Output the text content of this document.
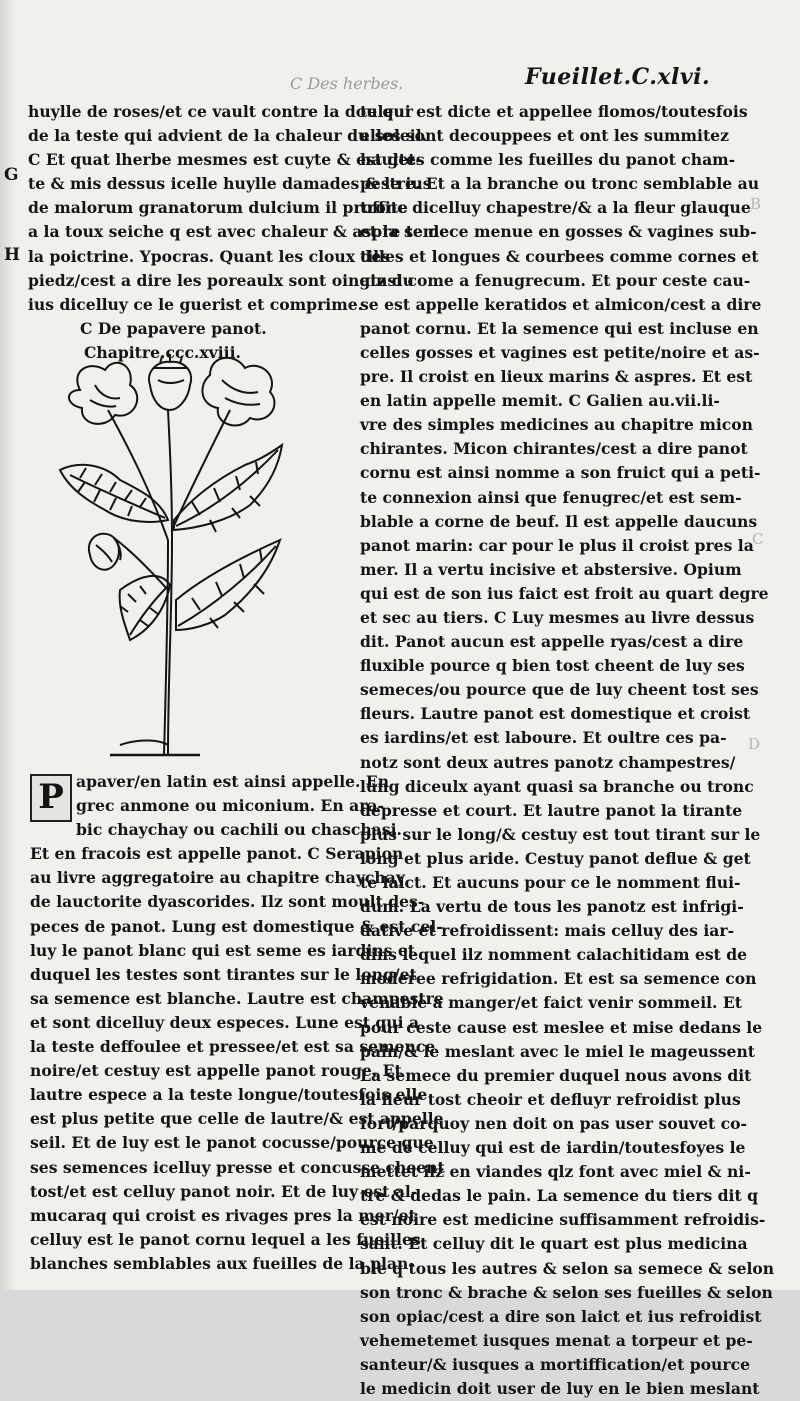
C Des herbes.	Fueillet.C.xlvi.
G
H
B
C
D
huylle de roses/et ce vault contre la douleur
de la teste qui advient de la chaleur du soleil.
C Et quat lherbe mesmes est cuyte & est get-
te & mis dessus icelle huylle damades & le ius
de malorum granatorum dulcium il proffite
a la toux seiche q est avec chaleur & aspre te de
la poictrine. Ypocras. Quant les cloux des
piedz/cest a dire les poreaulx sont oingtz du
ius dicelluy ce le guerist et comprime.
C De papavere panot.
Chapitre.ccc.xviii.
P apaver/en latin est ainsi appelle. En
grec anmone ou miconium. En ara-
bic chaychay ou cachili ou chaschasi.
Et en fracois est appelle panot. C Serapion
au livre aggregatoire au chapitre chaychay
de lauctorite dyascorides. Ilz sont moult des-
peces de panot. Lung est domestique & est cel-
luy le panot blanc qui est seme es iardins et
duquel les testes sont tirantes sur le long/et
sa semence est blanche. Lautre est champestre
et sont dicelluy deux especes. Lune est qui a
la teste deffoulee et pressee/et est sa semence
noire/et cestuy est appelle panot rouge. Et
lautre espece a la teste longue/toutesfois elle
est plus petite que celle de lautre/& est appelle
seil. Et de luy est le panot cocusse/pource que
ses semences icelluy presse et concusse cheent
tost/et est celluy panot noir. Et de luy est al-
mucaraq qui croist es rivages pres la mer/et
celluy est le panot cornu lequel a les fueilles
blanches semblables aux fueilles de la plan-
te qui est dicte et appellee flomos/toutesfois
elles sont decouppees et ont les summitez
haultes comme les fueilles du panot cham-
pestre. Et a la branche ou tronc semblable au
tronc dicelluy chapestre/& a la fleur glauque
et la semece menue en gosses & vagines sub-
tilles et longues & courbees comme cornes et
ainsi come a fenugrecum. Et pour ceste cau-
se est appelle keratidos et almicon/cest a dire
panot cornu. Et la semence qui est incluse en
celles gosses et vagines est petite/noire et as-
pre. Il croist en lieux marins & aspres. Et est
en latin appelle memit. C Galien au.vii.li-
vre des simples medicines au chapitre micon
chirantes. Micon chirantes/cest a dire panot
cornu est ainsi nomme a son fruict qui a peti-
te connexion ainsi que fenugrec/et est sem-
blable a corne de beuf. Il est appelle daucuns
panot marin: car pour le plus il croist pres la
mer. Il a vertu incisive et abstersive. Opium
qui est de son ius faict est froit au quart degre
et sec au tiers. C Luy mesmes au livre dessus
dit. Panot aucun est appelle ryas/cest a dire
fluxible pource q bien tost cheent de luy ses
semeces/ou pource que de luy cheent tost ses
fleurs. Lautre panot est domestique et croist
es iardins/et est laboure. Et oultre ces pa-
notz sont deux autres panotz champestres/
lung diceulx ayant quasi sa branche ou tronc
depresse et court. Et lautre panot la tirante
plus sur le long/& cestuy est tout tirant sur le
long et plus aride. Cestuy panot deflue & get
te laict. Et aucuns pour ce le nomment flui-
dum. La vertu de tous les panotz est infrigi-
dative et refroidissent: mais celluy des iar-
dins lequel ilz nomment calachitidam est de
moderee refrigidation. Et est sa semence con
venable a manger/et faict venir sommeil. Et
pour ceste cause est meslee et mise dedans le
pain/& le meslant avec le miel le mageussent
La semece du premier duquel nous avons dit
la fleur tost cheoir et defluyr refroidist plus
fort/parquoy nen doit on pas user souvet co-
me de celluy qui est de iardin/toutesfoyes le
mettet ilz en viandes qlz font avec miel & ni-
tre & dedas le pain. La semence du tiers dit q
est noire est medicine suffisamment refroidis-
sant. Et celluy dit le quart est plus medicina
ble q tous les autres & selon sa semece & selon
son tronc & brache & selon ses fueilles & selon
son opiac/cest a dire son laict et ius refroidist
vehemetemet iusques menat a torpeur et pe-
santeur/& iusques a mortiffication/et pource
le medicin doit user de luy en le bien meslant
